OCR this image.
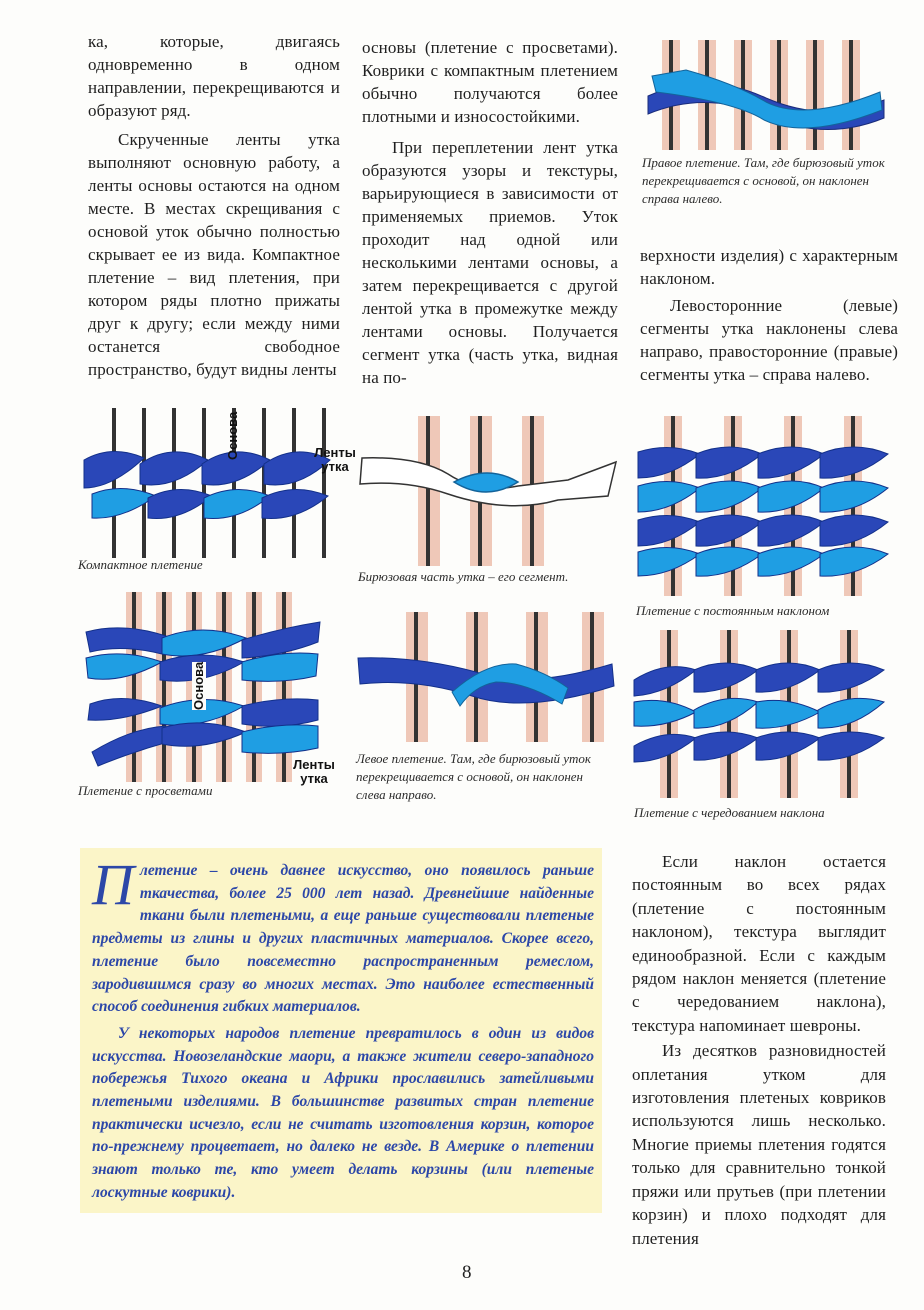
ка, которые, двигаясь одновременно в одном направлении, перекрещиваются и образуют ряд.

Скрученные ленты утка выполняют основную работу, а ленты основы остаются на одном месте. В местах скрещивания с основой уток обычно полностью скрывает ее из вида. Компактное плетение – вид плетения, при котором ряды плотно прижаты друг к другу; если между ними останется свободное пространство, будут видны ленты

основы (плетение с просветами). Коврики с компактным плетением обычно получаются более плотными и износостойкими.

При переплетении лент утка образуются узоры и текстуры, варьирующиеся в зависимости от применяемых приемов. Уток проходит над одной или несколькими лентами основы, а затем перекрещивается с другой лентой утка в промежутке между лентами основы. Получается сегмент утка (часть утка, видная на по-

верхности изделия) с характерным наклоном.

Левосторонние (левые) сегменты утка наклонены слева направо, правосторонние (правые) сегменты утка – справа налево.

Правое плетение. Там, где бирюзовый уток перекрещивается с основой, он наклонен справа налево.
Основа	Ленты утка
Компактное плетение
Бирюзовая часть утка – его сегмент.
Плетение с постоянным наклоном
Основа
Ленты утка
Плетение с просветами
Левое плетение. Там, где бирюзовый уток перекрещивается с основой, он наклонен слева направо.
Плетение с чередованием наклона

Плетение – очень давнее искусство, оно появилось раньше ткачества, более 25 000 лет назад. Древнейшие найденные ткани были плетеными, а еще раньше существовали плетеные предметы из глины и других пластичных материалов. Скорее всего, плетение было повсеместно распространенным ремеслом, зародившимся сразу во многих местах. Это наиболее естественный способ соединения гибких материалов.

У некоторых народов плетение превратилось в один из видов искусства. Новозеландские маори, а также жители северо-западного побережья Тихого океана и Африки прославились затейливыми плетеными изделиями. В большинстве развитых стран плетение практически исчезло, если не считать изготовления корзин, которое по-прежнему процветает, но далеко не везде. В Америке о плетении знают только те, кто умеет делать корзины (или плетеные лоскутные коврики).

Если наклон остается постоянным во всех рядах (плетение с постоянным наклоном), текстура выглядит единообразной. Если с каждым рядом наклон меняется (плетение с чередованием наклона), текстура напоминает шевроны.

Из десятков разновидностей оплетания утком для изготовления плетеных ковриков используются лишь несколько. Многие приемы плетения годятся только для сравнительно тонкой пряжи или прутьев (при плетении корзин) и плохо подходят для плетения

8
